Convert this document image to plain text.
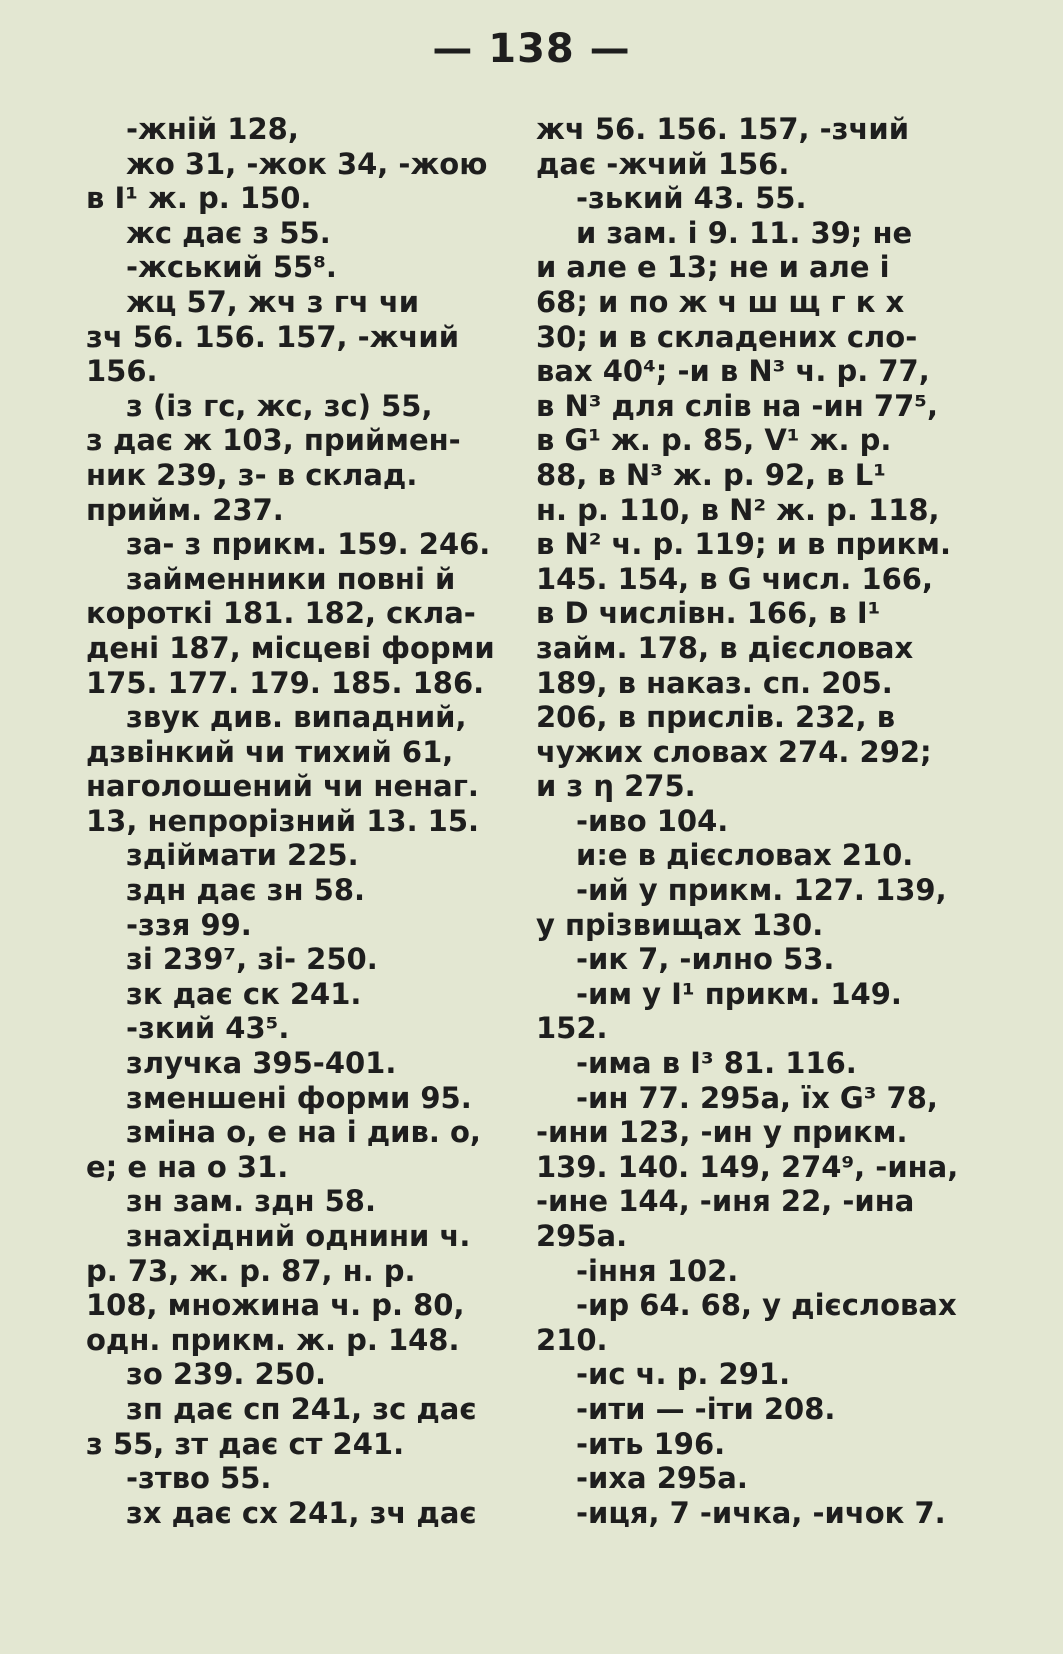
— 138 —
-жній 128,
жо 31, -жок 34, -жою
в І¹ ж. р. 150.
жс дає з 55.
-жський 55⁸.
жц 57, жч з гч чи
зч 56. 156. 157, -жчий
156.
з (із гс, жс, зс) 55,
з дає ж 103, приймен-
ник 239, з- в склад.
прийм. 237.
за- з прикм. 159. 246.
займенники повні й
короткі 181. 182, скла-
дені 187, місцеві форми
175. 177. 179. 185. 186.
звук див. випадний,
дзвінкий чи тихий 61,
наголошений чи ненаг.
13, непрорізний 13. 15.
здіймати 225.
здн дає зн 58.
-ззя 99.
зі 239⁷, зі- 250.
зк дає ск 241.
-зкий 43⁵.
злучка 395-401.
зменшені форми 95.
зміна о, е на і див. о,
е; е на о 31.
зн зам. здн 58.
знахідний однини ч.
р. 73, ж. р. 87, н. р.
108, множина ч. р. 80,
одн. прикм. ж. р. 148.
зо 239. 250.
зп дає сп 241, зс дає
з 55, зт дає ст 241.
-зтво 55.
зх дає сх 241, зч дає
жч 56. 156. 157, -зчий
дає -жчий 156.
-зький 43. 55.
и зам. і 9. 11. 39; не
и але е 13; не и але і
68; и по ж ч ш щ г к х
30; и в складених сло-
вах 40⁴; -и в N³ ч. р. 77,
в N³ для слів на -ин 77⁵,
в G¹ ж. р. 85, V¹ ж. р.
88, в N³ ж. р. 92, в L¹
н. р. 110, в N² ж. р. 118,
в N² ч. р. 119; и в прикм.
145. 154, в G числ. 166,
в D числівн. 166, в І¹
займ. 178, в дієсловах
189, в наказ. сп. 205.
206, в прислів. 232, в
чужих словах 274. 292;
и з η 275.
-иво 104.
и:е в дієсловах 210.
-ий у прикм. 127. 139,
у прізвищах 130.
-ик 7, -илно 53.
-им у І¹ прикм. 149.
152.
-има в І³ 81. 116.
-ин 77. 295а, їх G³ 78,
-ини 123, -ин у прикм.
139. 140. 149, 274⁹, -ина,
-ине 144, -иня 22, -ина
295а.
-іння 102.
-ир 64. 68, у дієсловах
210.
-ис ч. р. 291.
-ити — -іти 208.
-ить 196.
-иха 295а.
-иця, 7 -ичка, -ичок 7.
